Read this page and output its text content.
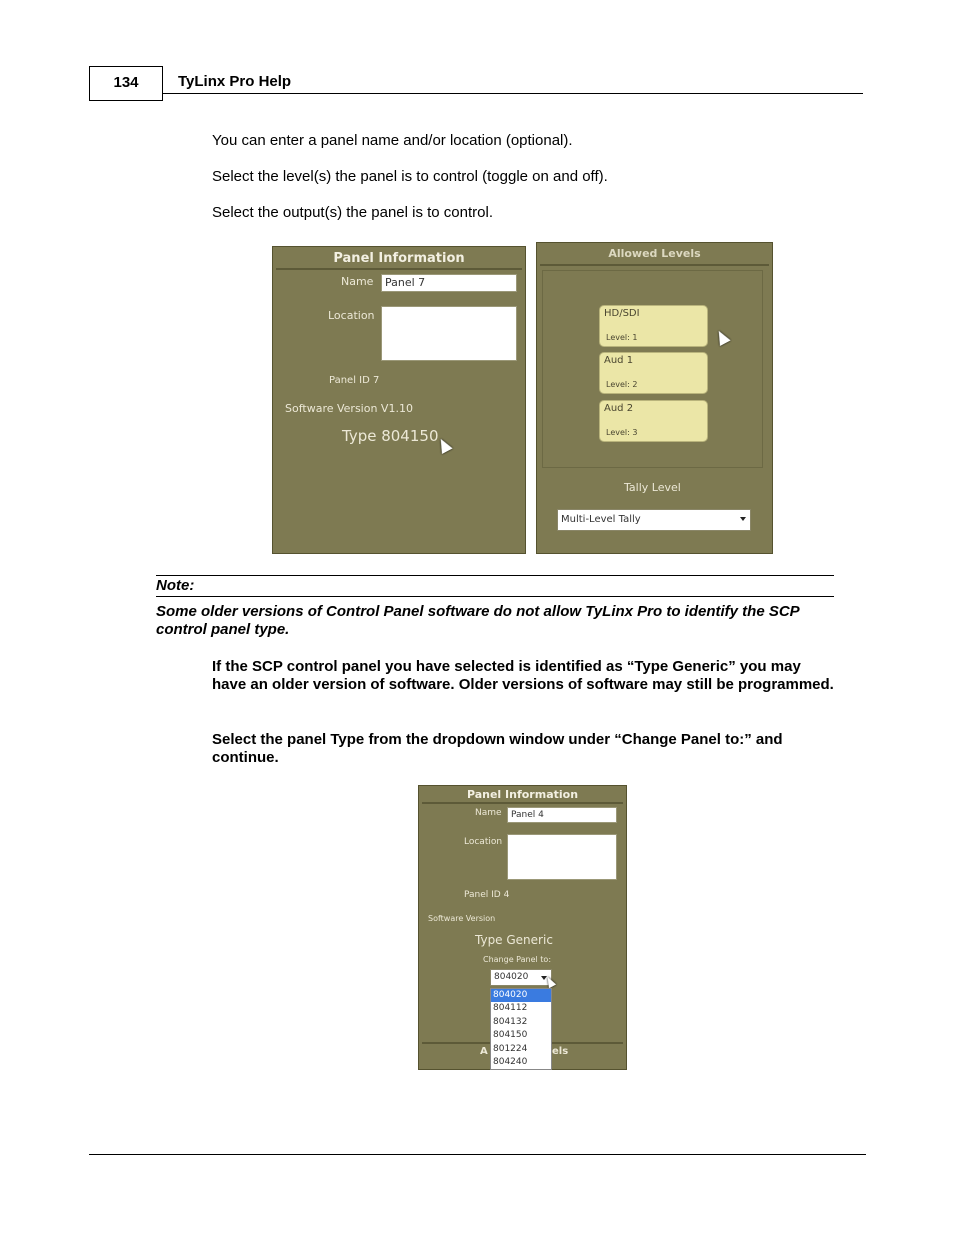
134	TyLinx Pro Help
You can enter a panel name and/or location (optional).
Select the level(s) the panel is to control (toggle on and off).
Select the output(s) the panel is to control.
Panel Information
Name	Panel 7
Location
Panel ID 7
Software Version V1.10
Type 804150
Allowed Levels
HD/SDI
Level: 1
Aud 1
Level: 2
Aud 2
Level: 3
Tally Level
Multi-Level Tally
Note:
Some older versions of Control Panel software do not allow TyLinx Pro to identify the SCP control panel type.
If the SCP control panel you have selected is identified as “Type Generic” you may have an older version of software. Older versions of software may still be programmed.
Select the panel Type from the dropdown window under “Change Panel to:” and continue.
Panel Information
Name	Panel 4
Location
Panel ID 4
Software Version
Type Generic
Change Panel to:
804020
A	els
804020
804112
804132
804150
801224
804240
